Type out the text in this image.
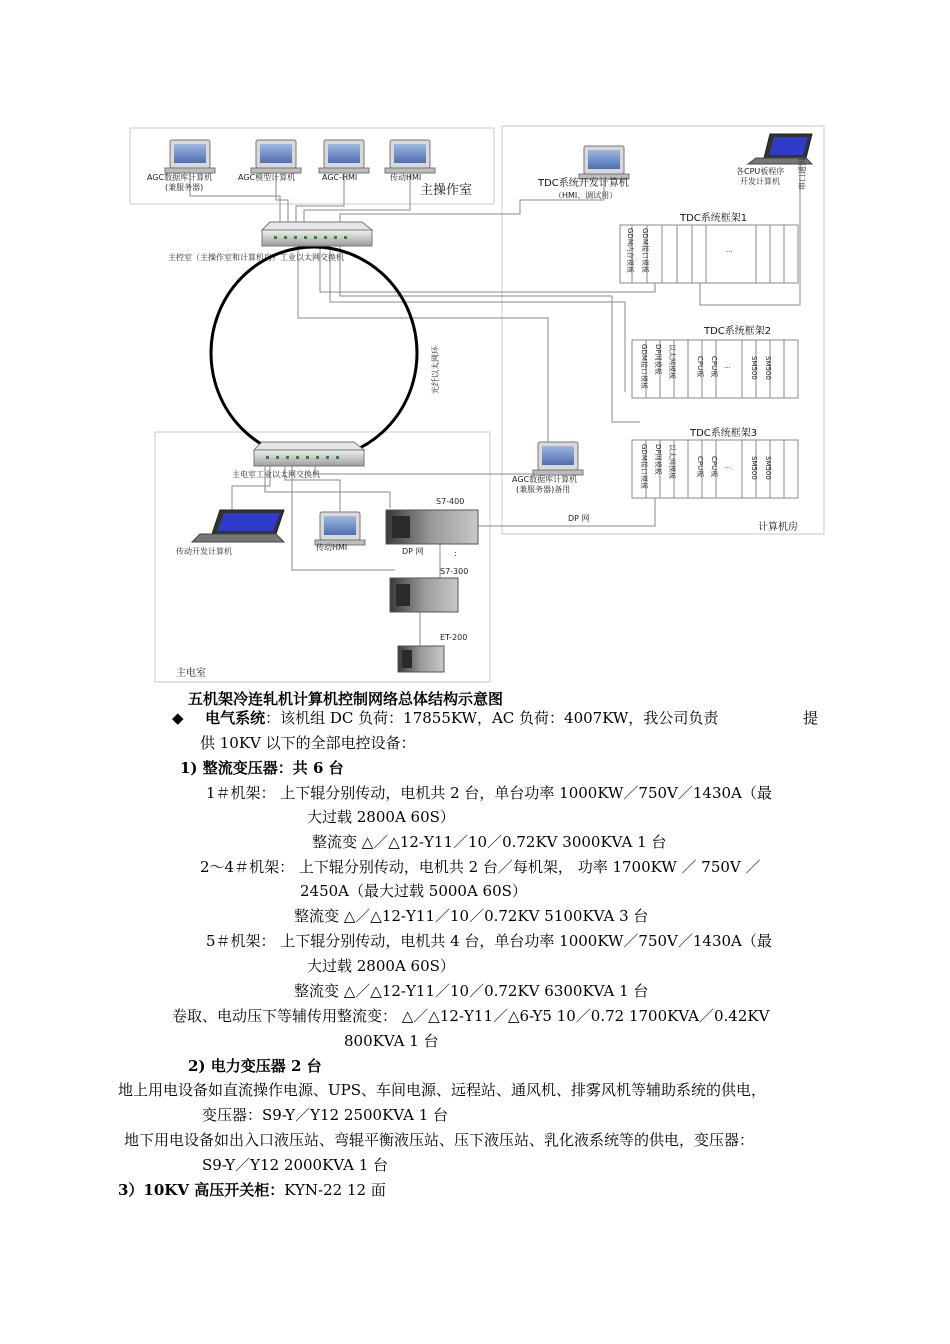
GDM内存模板 GDM接口模板
GDM接口模板 DP网模板 以太网模板	CPU板 CPU板	SM500 SM500
GDM接口模板 DP网模板 以太网模板	CPU板 CPU板	SM500 SM500
...
...
...
AGC数据库计算机
(兼服务器)
AGC模型计算机	AGC-HMI	传动HMI
主操作室	TDC系统开发计算机
（HMI、调试用）
各CPU板程序
开发计算机 串口通讯
TDC系统框架1
TDC系统框架2
TDC系统框架3
主控室（主操作室和计算机房）工业以太网交换机
光纤以太网环
主电室工业以太网交换机
AGC数据库计算机
(兼服务器)备用
DP 网
计算机房
传动开发计算机	传动HMI
S7-400
DP 网	:
S7-300
ET-200
主电室
五机架冷连轧机计算机控制网络总体结构示意图
◆ 电气系统：该机组 DC 负荷：17855KW，AC 负荷：4007KW，我公司负责	提
供 10KV 以下的全部电控设备：
1) 整流变压器：共 6 台
1＃机架： 上下辊分别传动，电机共 2 台，单台功率 1000KW／750V／1430A（最
大过载 2800A 60S）
整流变 △／△12-Y11／10／0.72KV 3000KVA 1 台
2～4＃机架： 上下辊分别传动，电机共 2 台／每机架， 功率 1700KW ／ 750V ／
2450A（最大过载 5000A 60S）
整流变 △／△12-Y11／10／0.72KV 5100KVA 3 台
5＃机架： 上下辊分别传动，电机共 4 台，单台功率 1000KW／750V／1430A（最
大过载 2800A 60S）
整流变 △／△12-Y11／10／0.72KV 6300KVA 1 台
卷取、电动压下等辅传用整流变： △／△12-Y11／△6-Y5 10／0.72 1700KVA／0.42KV
800KVA 1 台
2) 电力变压器 2 台
地上用电设备如直流操作电源、UPS、车间电源、远程站、通风机、排雾风机等辅助系统的供电，
变压器：S9-Y／Y12 2500KVA 1 台
地下用电设备如出入口液压站、弯辊平衡液压站、压下液压站、乳化液系统等的供电，变压器：
S9-Y／Y12 2000KVA 1 台
3）10KV 高压开关柜：KYN-22 12 面
